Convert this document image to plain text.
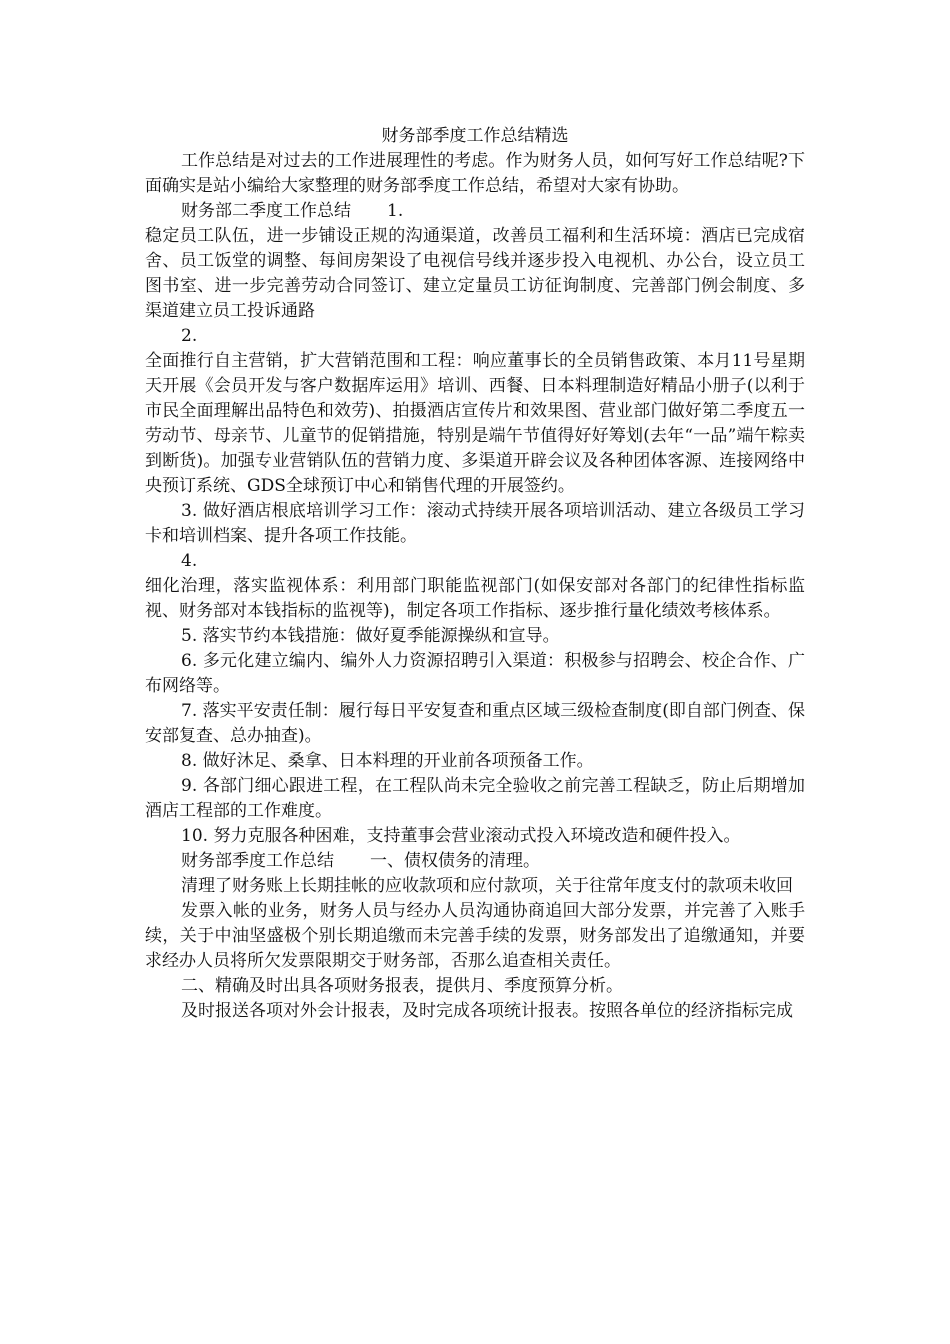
财务部季度工作总结精选

工作总结是对过去的工作进展理性的考虑。作为财务人员，如何写好工作总结呢?下面确实是站小编给大家整理的财务部季度工作总结，希望对大家有协助。

财务部二季度工作总结 1.

稳定员工队伍，进一步铺设正规的沟通渠道，改善员工福利和生活环境：酒店已完成宿舍、员工饭堂的调整、每间房架设了电视信号线并逐步投入电视机、办公台，设立员工图书室、进一步完善劳动合同签订、建立定量员工访征询制度、完善部门例会制度、多渠道建立员工投诉通路

2.

全面推行自主营销，扩大营销范围和工程：响应董事长的全员销售政策、本月11号星期天开展《会员开发与客户数据库运用》培训、西餐、日本料理制造好精品小册子(以利于市民全面理解出品特色和效劳)、拍摄酒店宣传片和效果图、营业部门做好第二季度五一劳动节、母亲节、儿童节的促销措施，特别是端午节值得好好筹划(去年“一品”端午粽卖到断货)。加强专业营销队伍的营销力度、多渠道开辟会议及各种团体客源、连接网络中央预订系统、GDS全球预订中心和销售代理的开展签约。

3. 做好酒店根底培训学习工作：滚动式持续开展各项培训活动、建立各级员工学习卡和培训档案、提升各项工作技能。

4.

细化治理，落实监视体系：利用部门职能监视部门(如保安部对各部门的纪律性指标监视、财务部对本钱指标的监视等)，制定各项工作指标、逐步推行量化绩效考核体系。

5. 落实节约本钱措施：做好夏季能源操纵和宣导。

6. 多元化建立编内、编外人力资源招聘引入渠道：积极参与招聘会、校企合作、广布网络等。

7. 落实平安责任制：履行每日平安复查和重点区域三级检查制度(即自部门例查、保安部复查、总办抽查)。

8. 做好沐足、桑拿、日本料理的开业前各项预备工作。

9. 各部门细心跟进工程，在工程队尚未完全验收之前完善工程缺乏，防止后期增加酒店工程部的工作难度。

10. 努力克服各种困难，支持董事会营业滚动式投入环境改造和硬件投入。

财务部季度工作总结 一、债权债务的清理。

清理了财务账上长期挂帐的应收款项和应付款项，关于往常年度支付的款项未收回

发票入帐的业务，财务人员与经办人员沟通协商追回大部分发票，并完善了入账手续，关于中油坚盛极个别长期追缴而未完善手续的发票，财务部发出了追缴通知，并要求经办人员将所欠发票限期交于财务部，否那么追查相关责任。

二、精确及时出具各项财务报表，提供月、季度预算分析。

及时报送各项对外会计报表，及时完成各项统计报表。按照各单位的经济指标完成
